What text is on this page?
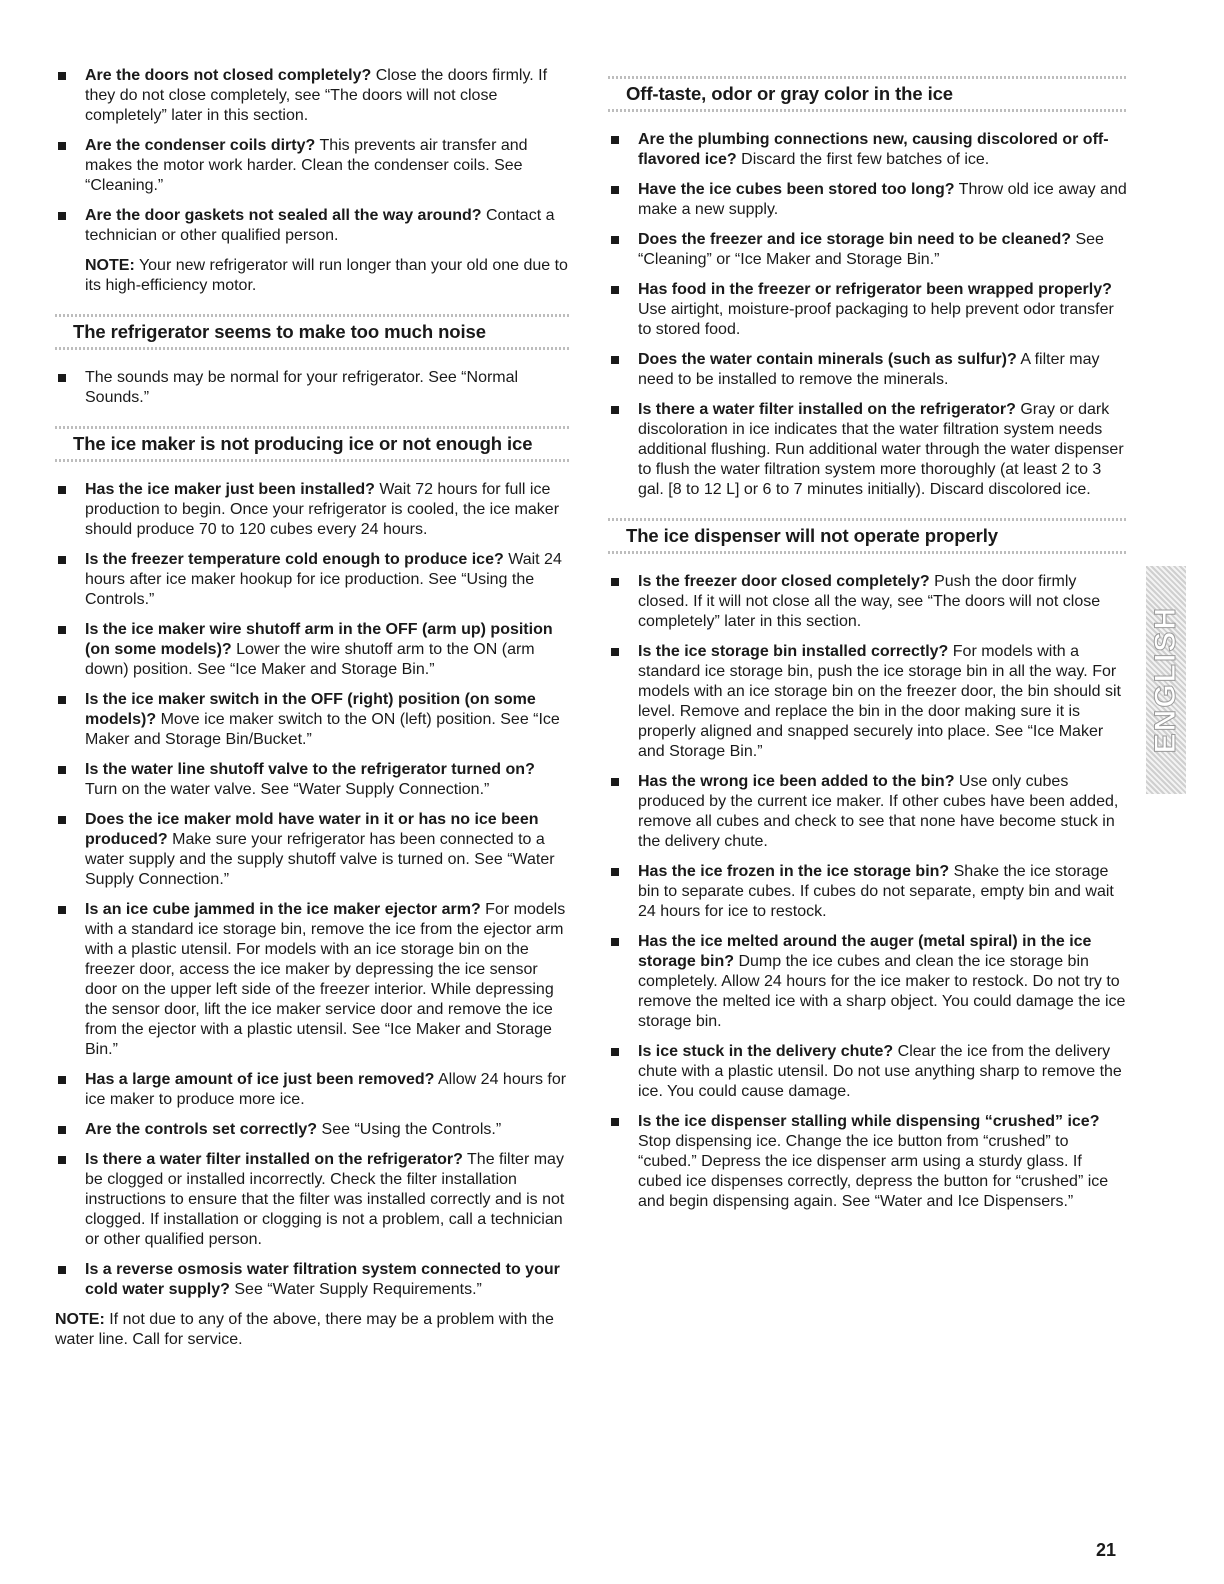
Are the doors not closed completely? Close the doors firmly. If they do not close completely, see “The doors will not close completely” later in this section.
Are the condenser coils dirty? This prevents air transfer and makes the motor work harder. Clean the condenser coils. See “Cleaning.”
Are the door gaskets not sealed all the way around? Contact a technician or other qualified person.
NOTE: Your new refrigerator will run longer than your old one due to its high-efficiency motor.
The refrigerator seems to make too much noise
The sounds may be normal for your refrigerator. See “Normal Sounds.”
The ice maker is not producing ice or not enough ice
Has the ice maker just been installed? Wait 72 hours for full ice production to begin. Once your refrigerator is cooled, the ice maker should produce 70 to 120 cubes every 24 hours.
Is the freezer temperature cold enough to produce ice? Wait 24 hours after ice maker hookup for ice production. See “Using the Controls.”
Is the ice maker wire shutoff arm in the OFF (arm up) position (on some models)? Lower the wire shutoff arm to the ON (arm down) position. See “Ice Maker and Storage Bin.”
Is the ice maker switch in the OFF (right) position (on some models)? Move ice maker switch to the ON (left) position. See “Ice Maker and Storage Bin/Bucket.”
Is the water line shutoff valve to the refrigerator turned on? Turn on the water valve. See “Water Supply Connection.”
Does the ice maker mold have water in it or has no ice been produced? Make sure your refrigerator has been connected to a water supply and the supply shutoff valve is turned on. See “Water Supply Connection.”
Is an ice cube jammed in the ice maker ejector arm? For models with a standard ice storage bin, remove the ice from the ejector arm with a plastic utensil. For models with an ice storage bin on the freezer door, access the ice maker by depressing the ice sensor door on the upper left side of the freezer interior. While depressing the sensor door, lift the ice maker service door and remove the ice from the ejector with a plastic utensil. See “Ice Maker and Storage Bin.”
Has a large amount of ice just been removed? Allow 24 hours for ice maker to produce more ice.
Are the controls set correctly? See “Using the Controls.”
Is there a water filter installed on the refrigerator? The filter may be clogged or installed incorrectly. Check the filter installation instructions to ensure that the filter was installed correctly and is not clogged. If installation or clogging is not a problem, call a technician or other qualified person.
Is a reverse osmosis water filtration system connected to your cold water supply? See “Water Supply Requirements.”
NOTE: If not due to any of the above, there may be a problem with the water line. Call for service.
Off-taste, odor or gray color in the ice
Are the plumbing connections new, causing discolored or off-flavored ice? Discard the first few batches of ice.
Have the ice cubes been stored too long? Throw old ice away and make a new supply.
Does the freezer and ice storage bin need to be cleaned? See “Cleaning” or “Ice Maker and Storage Bin.”
Has food in the freezer or refrigerator been wrapped properly? Use airtight, moisture-proof packaging to help prevent odor transfer to stored food.
Does the water contain minerals (such as sulfur)? A filter may need to be installed to remove the minerals.
Is there a water filter installed on the refrigerator? Gray or dark discoloration in ice indicates that the water filtration system needs additional flushing. Run additional water through the water dispenser to flush the water filtration system more thoroughly (at least 2 to 3 gal. [8 to 12 L] or 6 to 7 minutes initially). Discard discolored ice.
The ice dispenser will not operate properly
Is the freezer door closed completely? Push the door firmly closed. If it will not close all the way, see “The doors will not close completely” later in this section.
Is the ice storage bin installed correctly? For models with a standard ice storage bin, push the ice storage bin in all the way. For models with an ice storage bin on the freezer door, the bin should sit level. Remove and replace the bin in the door making sure it is properly aligned and snapped securely into place. See “Ice Maker and Storage Bin.”
Has the wrong ice been added to the bin? Use only cubes produced by the current ice maker. If other cubes have been added, remove all cubes and check to see that none have become stuck in the delivery chute.
Has the ice frozen in the ice storage bin? Shake the ice storage bin to separate cubes. If cubes do not separate, empty bin and wait 24 hours for ice to restock.
Has the ice melted around the auger (metal spiral) in the ice storage bin? Dump the ice cubes and clean the ice storage bin completely. Allow 24 hours for the ice maker to restock. Do not try to remove the melted ice with a sharp object. You could damage the ice storage bin.
Is ice stuck in the delivery chute? Clear the ice from the delivery chute with a plastic utensil. Do not use anything sharp to remove the ice. You could cause damage.
Is the ice dispenser stalling while dispensing “crushed” ice? Stop dispensing ice. Change the ice button from “crushed” to “cubed.” Depress the ice dispenser arm using a sturdy glass. If cubed ice dispenses correctly, depress the button for “crushed” ice and begin dispensing again. See “Water and Ice Dispensers.”
ENGLISH
21
